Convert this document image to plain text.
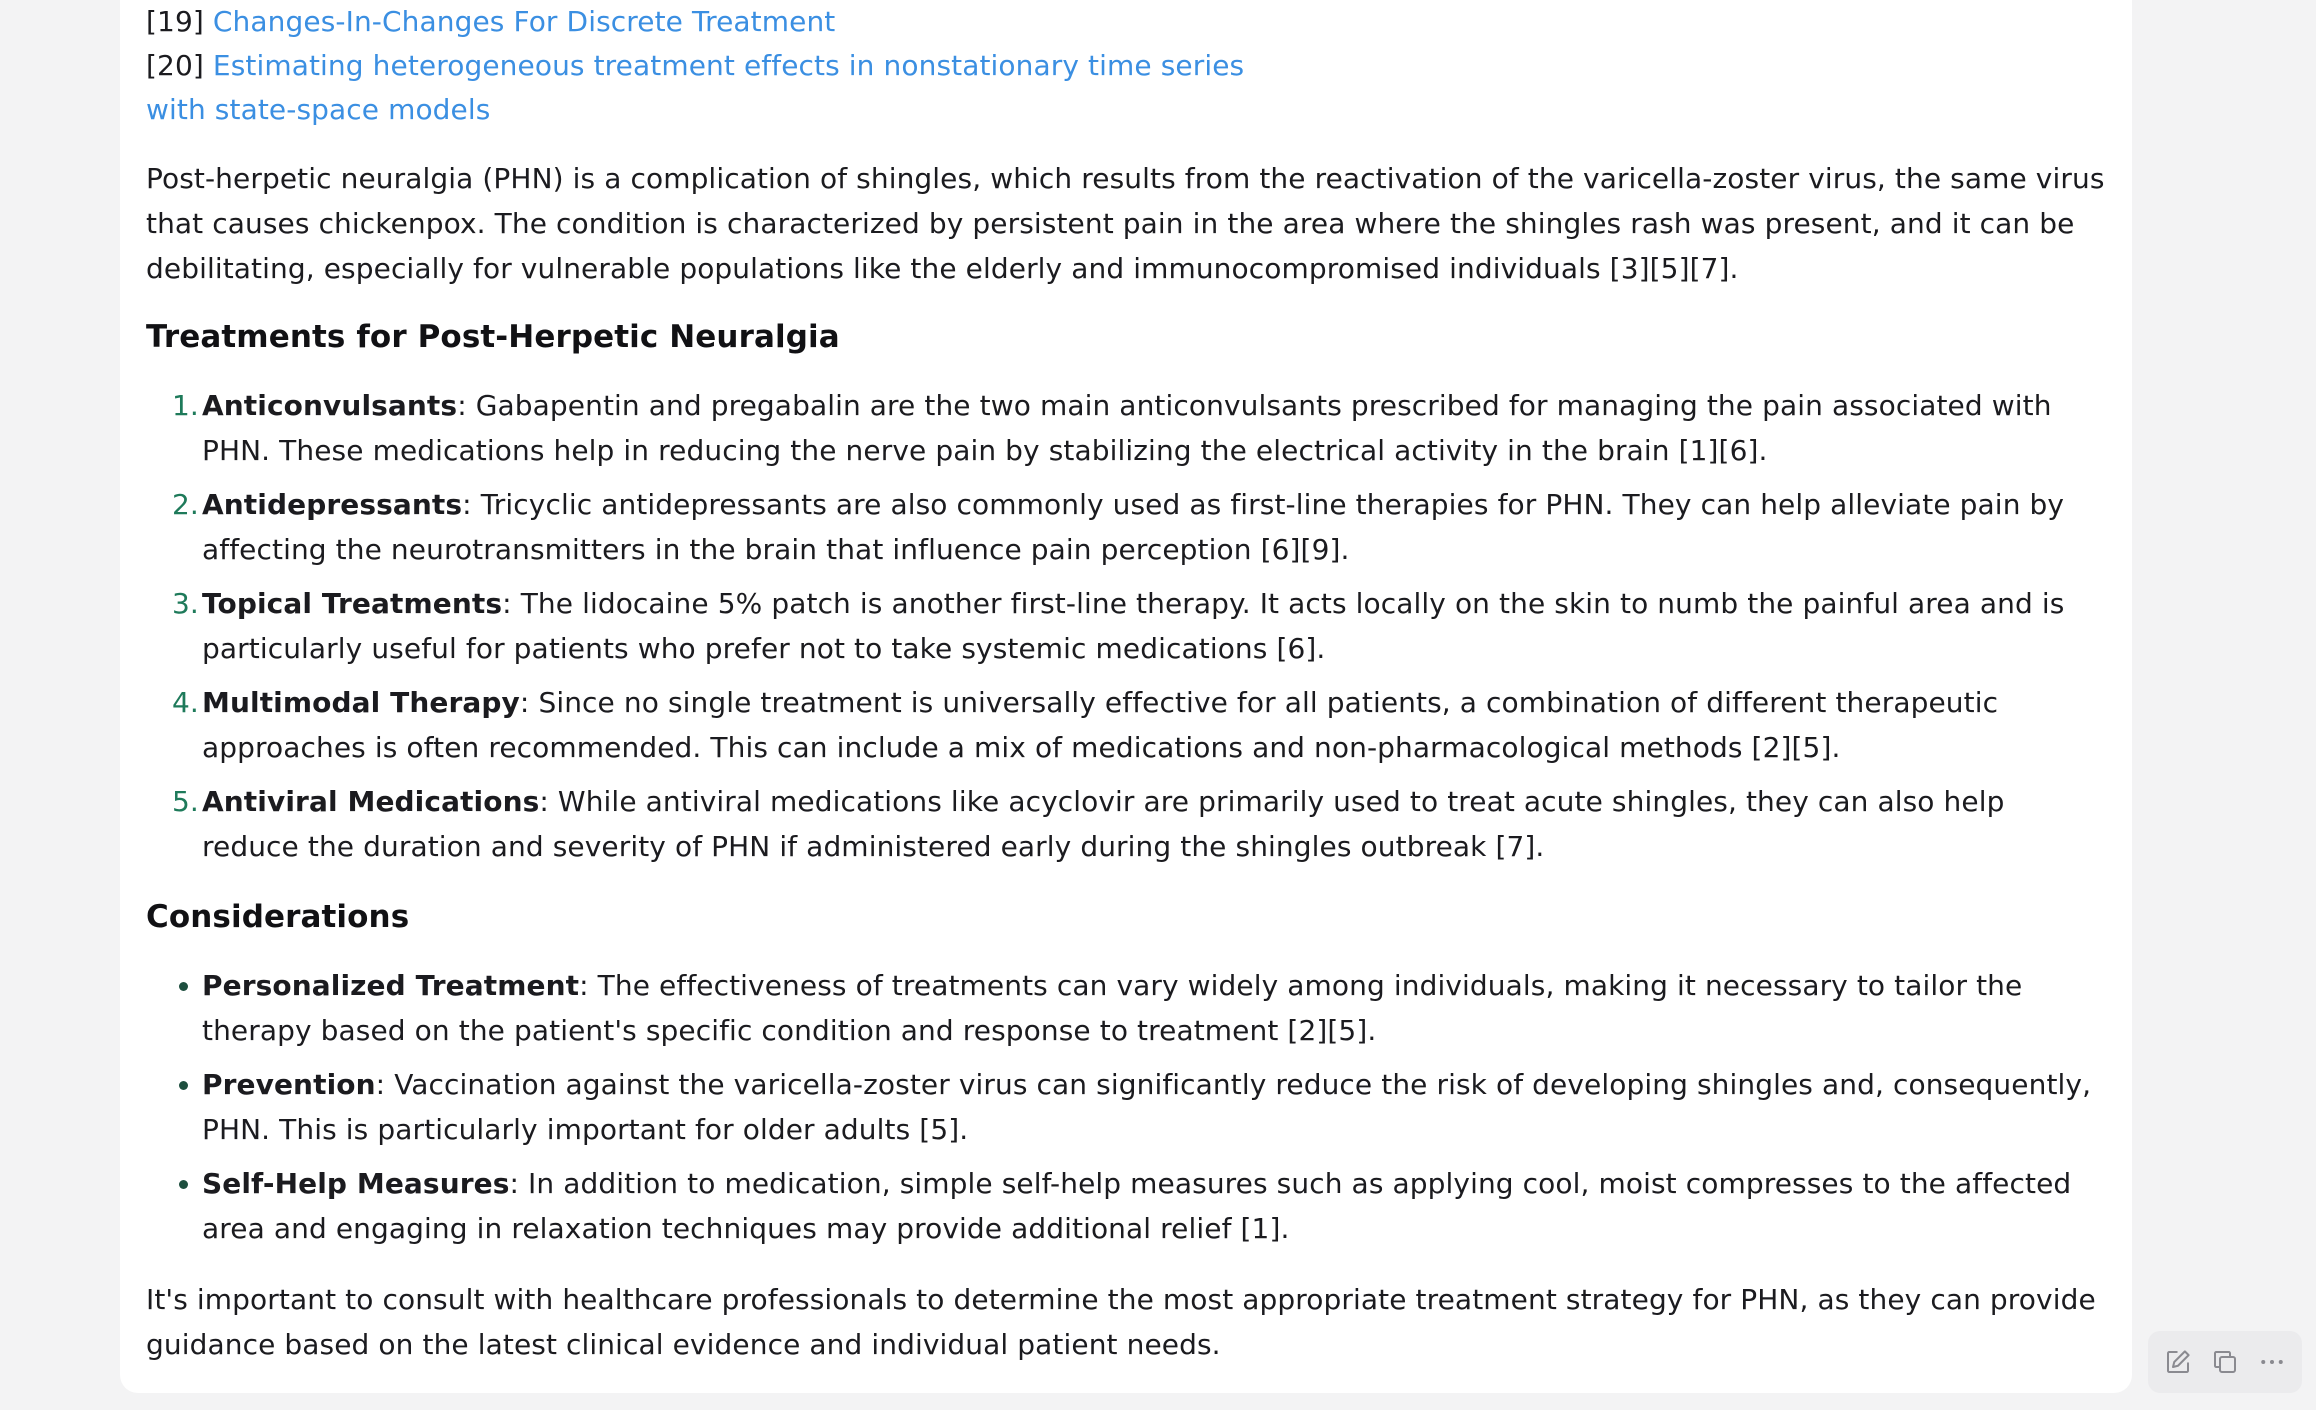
[19] Changes-In-Changes For Discrete Treatment
[20] Estimating heterogeneous treatment effects in nonstationary time series
with state-space models

Post-herpetic neuralgia (PHN) is a complication of shingles, which results from the reactivation of the varicella-zoster virus, the same virus that causes chickenpox. The condition is characterized by persistent pain in the area where the shingles rash was present, and it can be debilitating, especially for vulnerable populations like the elderly and immunocompromised individuals [3][5][7].

Treatments for Post-Herpetic Neuralgia
1. Anticonvulsants: Gabapentin and pregabalin are the two main anticonvulsants prescribed for managing the pain associated with PHN. These medications help in reducing the nerve pain by stabilizing the electrical activity in the brain [1][6].
2. Antidepressants: Tricyclic antidepressants are also commonly used as first-line therapies for PHN. They can help alleviate pain by affecting the neurotransmitters in the brain that influence pain perception [6][9].
3. Topical Treatments: The lidocaine 5% patch is another first-line therapy. It acts locally on the skin to numb the painful area and is particularly useful for patients who prefer not to take systemic medications [6].
4. Multimodal Therapy: Since no single treatment is universally effective for all patients, a combination of different therapeutic approaches is often recommended. This can include a mix of medications and non-pharmacological methods [2][5].
5. Antiviral Medications: While antiviral medications like acyclovir are primarily used to treat acute shingles, they can also help reduce the duration and severity of PHN if administered early during the shingles outbreak [7].
Considerations
Personalized Treatment: The effectiveness of treatments can vary widely among individuals, making it necessary to tailor the therapy based on the patient's specific condition and response to treatment [2][5].
Prevention: Vaccination against the varicella-zoster virus can significantly reduce the risk of developing shingles and, consequently, PHN. This is particularly important for older adults [5].
Self-Help Measures: In addition to medication, simple self-help measures such as applying cool, moist compresses to the affected area and engaging in relaxation techniques may provide additional relief [1].

It's important to consult with healthcare professionals to determine the most appropriate treatment strategy for PHN, as they can provide guidance based on the latest clinical evidence and individual patient needs.
